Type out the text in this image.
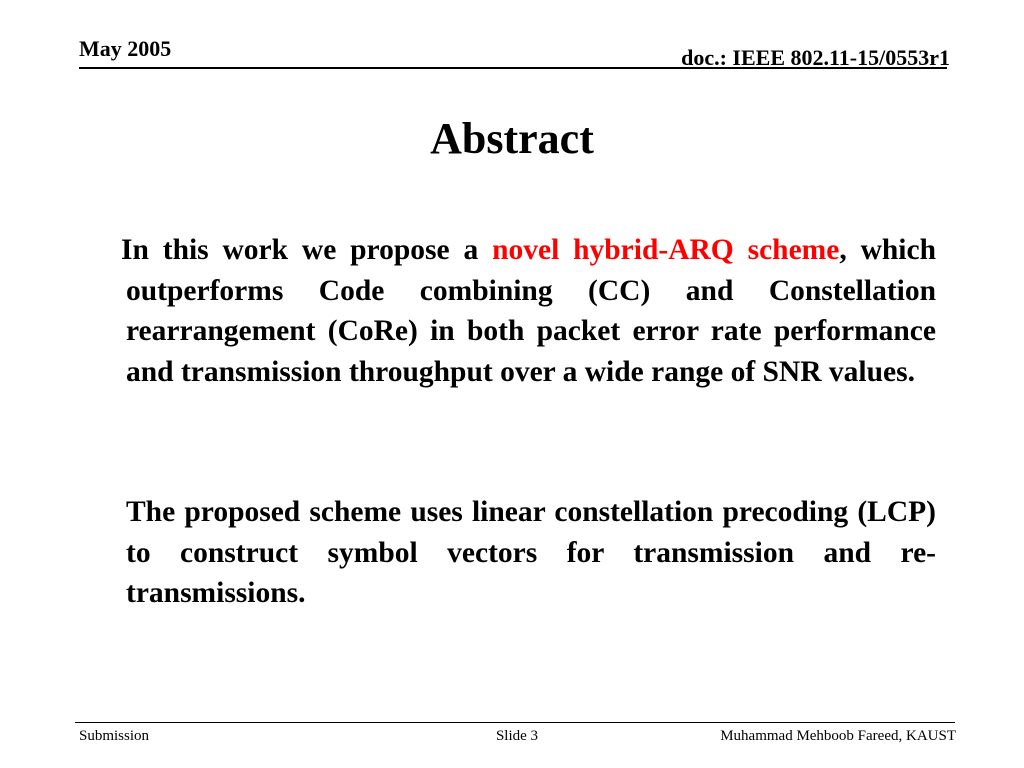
May 2005	doc.: IEEE 802.11-15/0553r1
Abstract
In this work we propose a novel hybrid-ARQ scheme, which outperforms Code combining (CC) and Constellation rearrangement (CoRe) in both packet error rate performance and transmission throughput over a wide range of SNR values.
The proposed scheme uses linear constellation precoding (LCP) to construct symbol vectors for transmission and re-transmissions.
Submission	Slide 3	Muhammad Mehboob Fareed, KAUST
